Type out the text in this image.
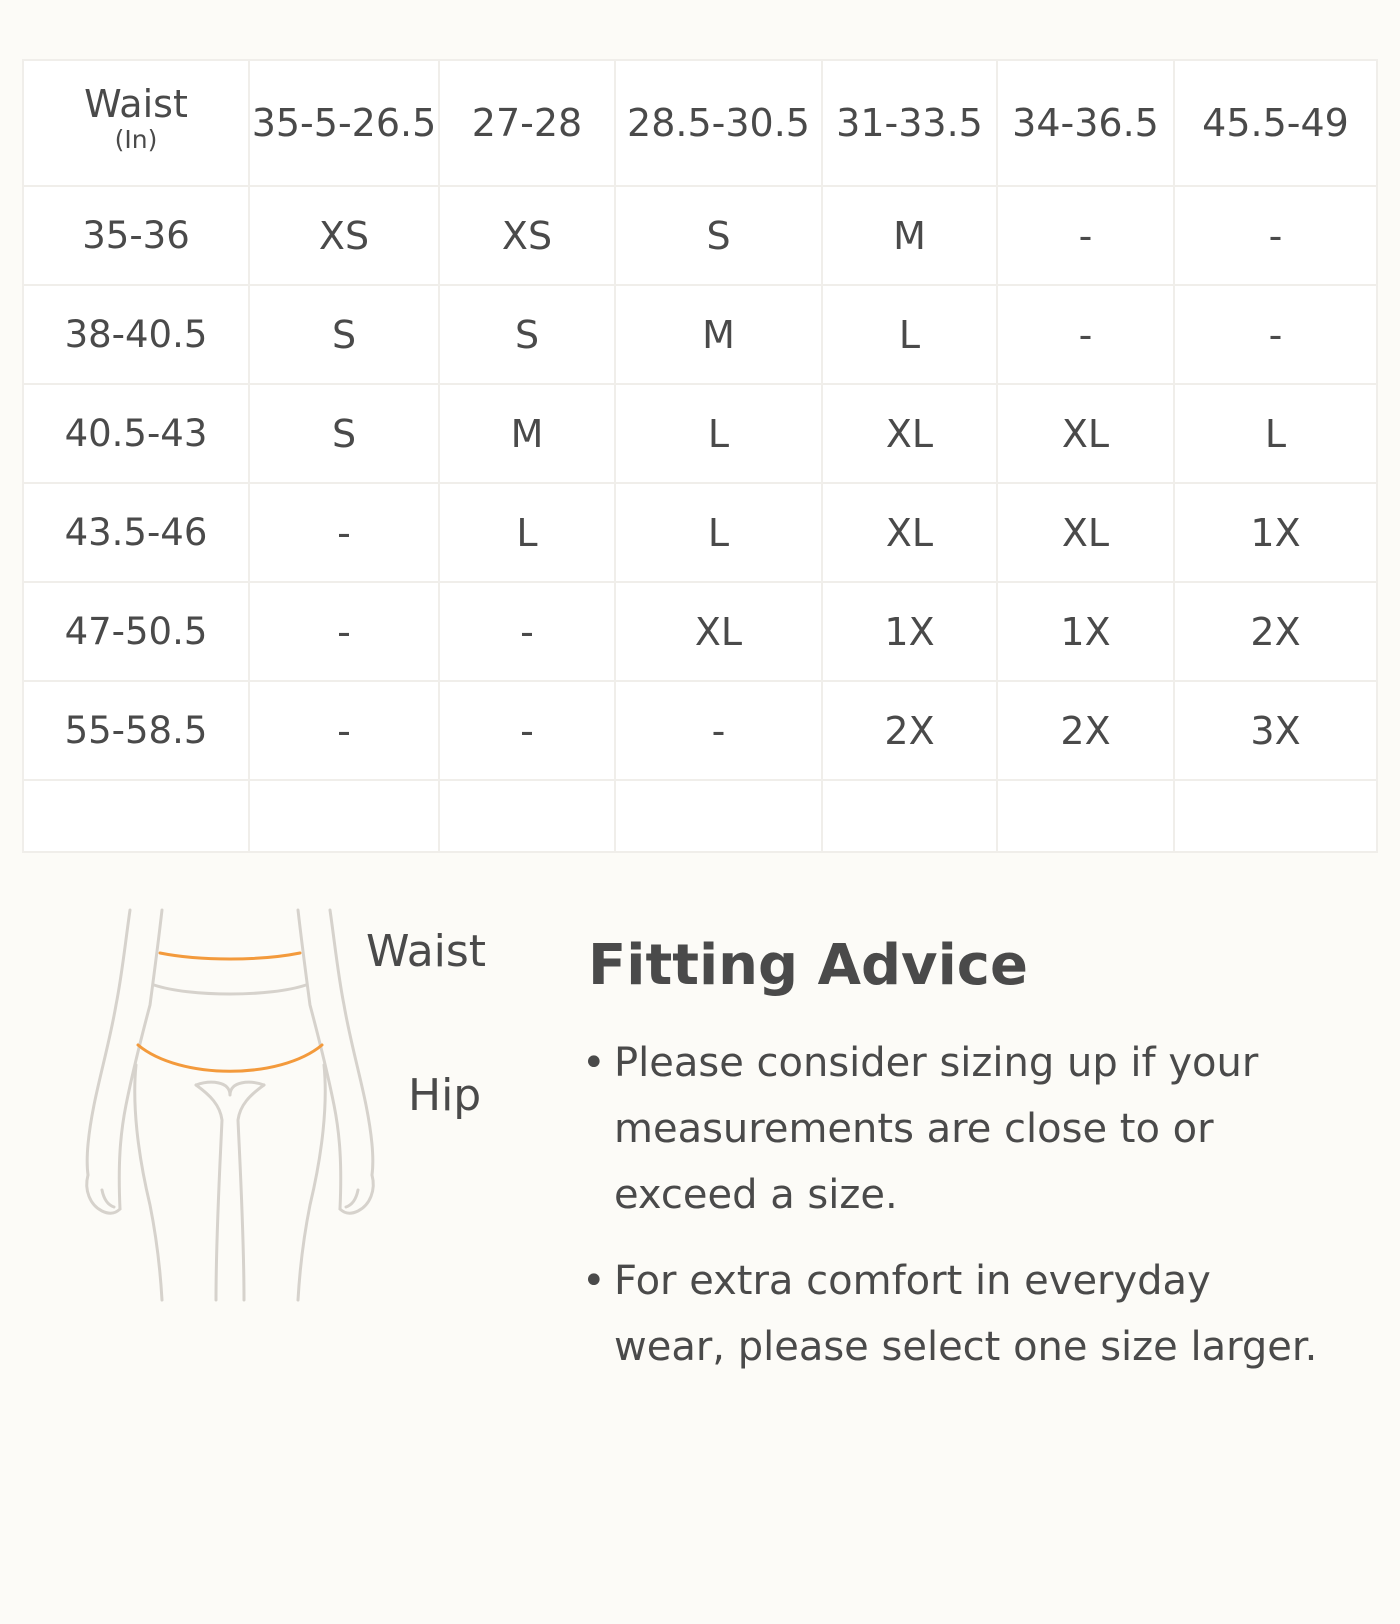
Waist
(In)	35-5-26.5	27-28	28.5-30.5	31-33.5	34-36.5	45.5-49
35-36	XS	XS	S	M	-	-
38-40.5	S	S	M	L	-	-
40.5-43	S	M	L	XL	XL	L
43.5-46	-	L	L	XL	XL	1X
47-50.5	-	-	XL	1X	1X	2X
55-58.5	-	-	-	2X	2X	3X

Waist
Hip
Fitting Advice
• Please consider sizing up if your measurements are close to or exceed a size.
• For extra comfort in everyday wear, please select one size larger.
